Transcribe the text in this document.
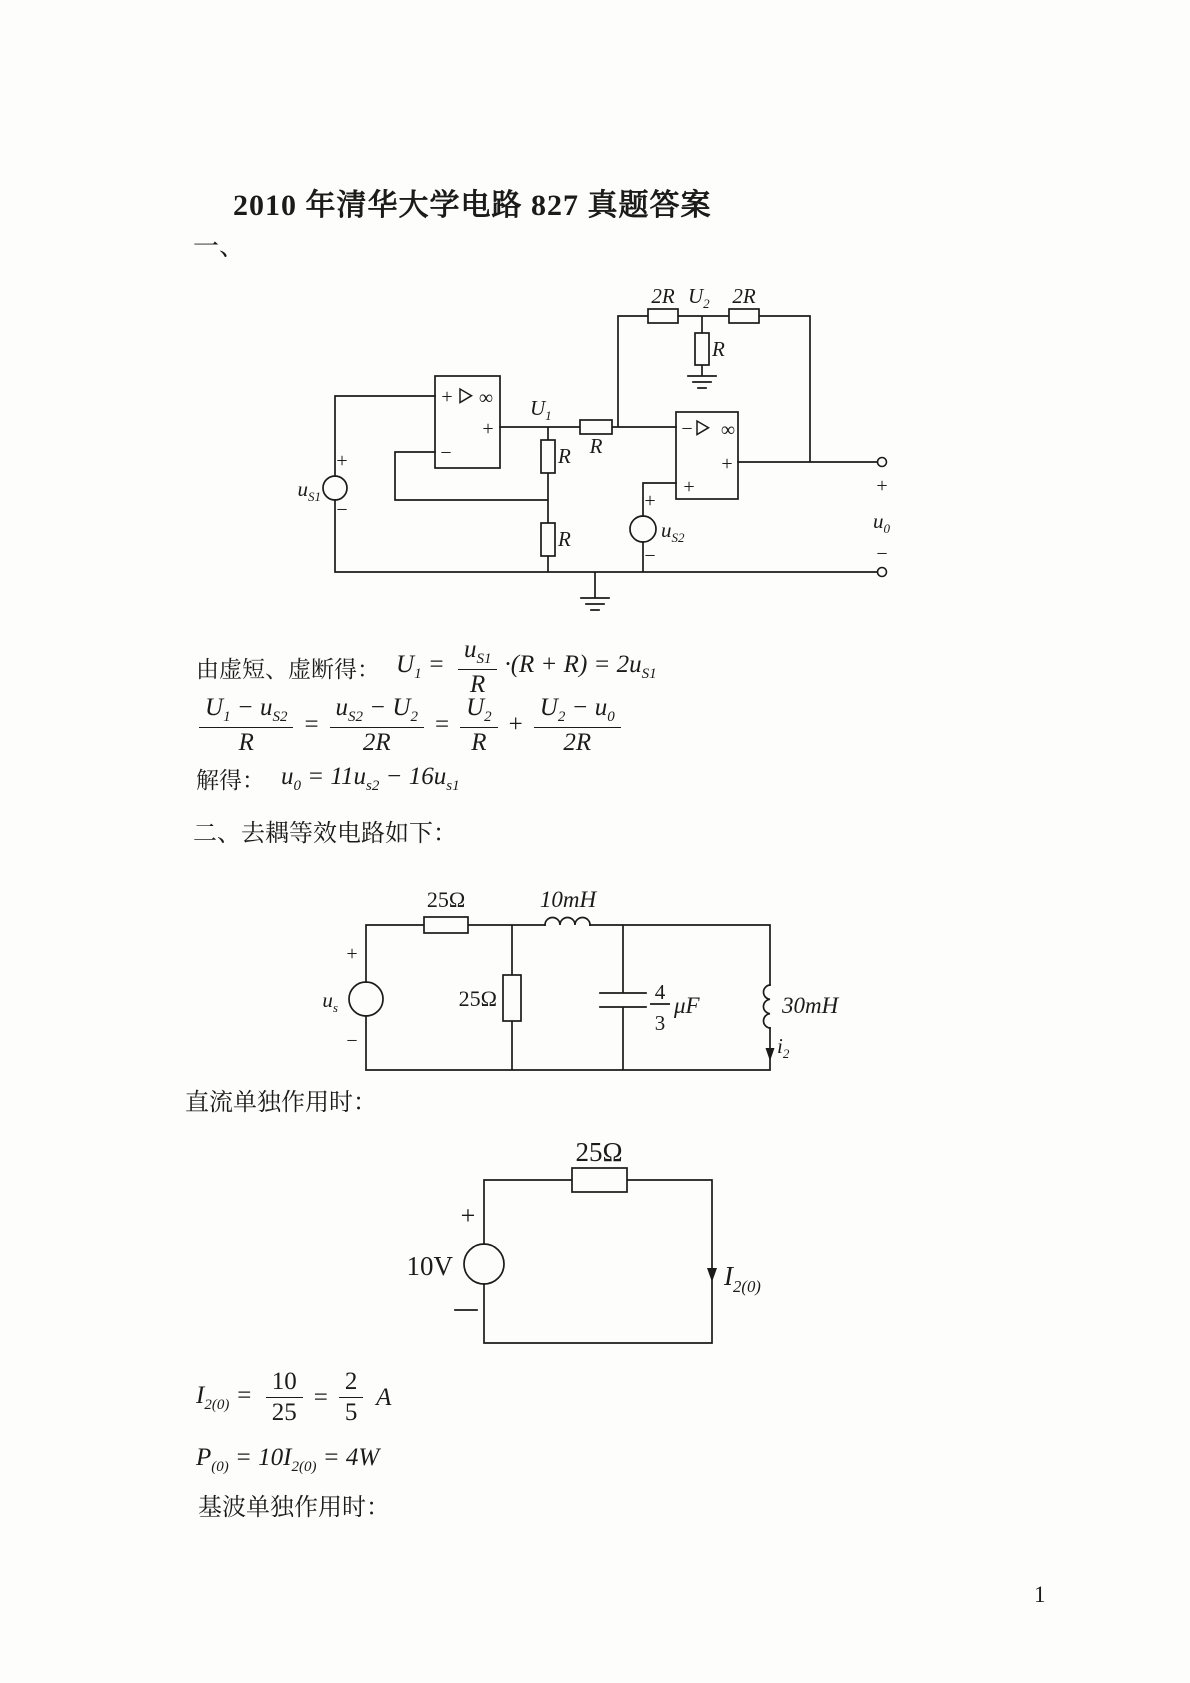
2010 年清华大学电路 827 真题答案
一、
+ ∞
+
−
− ∞
+
+
2R $U_2$ 2R
R
$U_1$
R
R
R
+
−
$u_{S1}$	+
−
$u_{S2}$
+
$u_0$
−
由虚短、虚断得： $U_1 = \frac{u_{S1}}{R} \cdot(R + R) = 2u_{S1}$
$\frac{U_1 - u_{S2}}{R} = \frac{u_{S2} - U_2}{2R} = \frac{U_2}{R} + \frac{U_2 - u_0}{2R}$
解得： $u_0 = 11u_{s2} - 16u_{s1}$
二、去耦等效电路如下：
25Ω	10mH
25Ω	4
3
μF	30mH
$i_2$
+
−
$u_s$
直流单独作用时：
25Ω
+
10V	$I_{2(0)}$
$I_{2(0)} = \frac{10}{25} = \frac{2}{5}$ A
$P_{(0)} = 10I_{2(0)} = 4W$
基波单独作用时：
1
